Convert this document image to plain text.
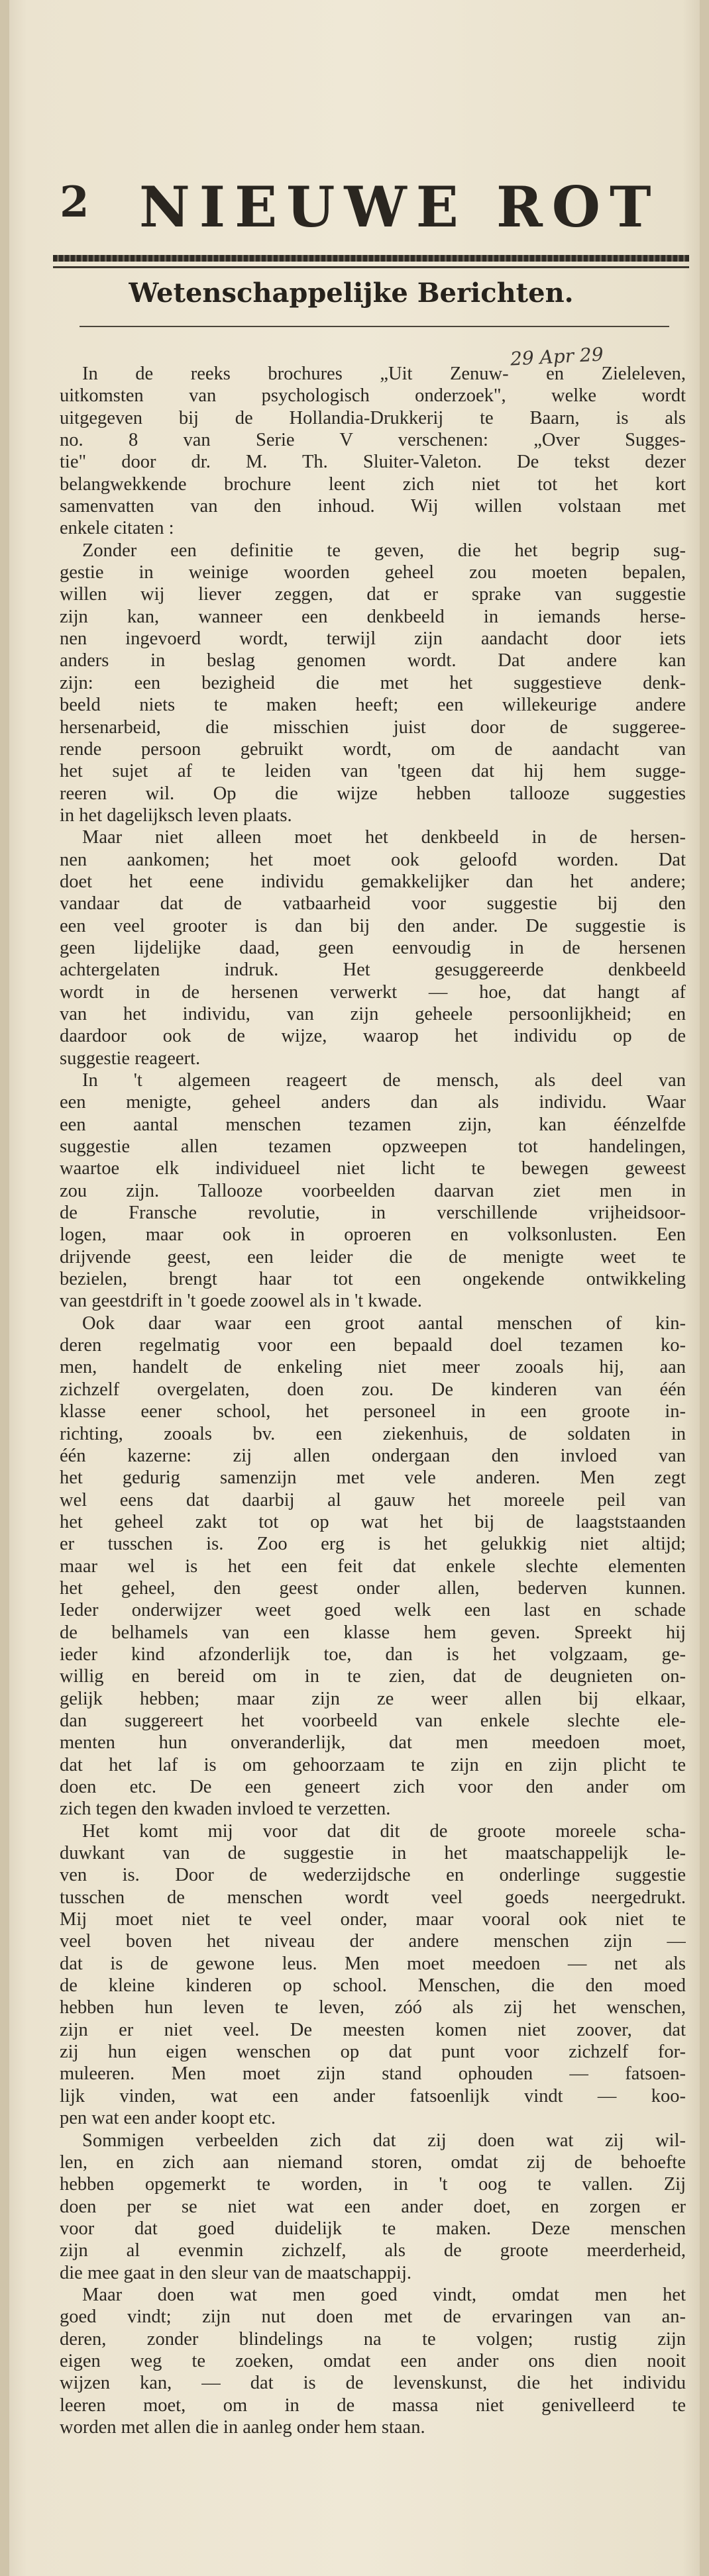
2 NIEUWE ROT
Wetenschappelijke Berichten.
29 Apr 29
In de reeks brochures „Uit Zenuw- en Zieleleven,
uitkomsten van psychologisch onderzoek", welke wordt
uitgegeven bij de Hollandia-Drukkerij te Baarn, is als
no. 8 van Serie V verschenen: „Over Sugges-
tie" door dr. M. Th. Sluiter-Valeton. De tekst dezer
belangwekkende brochure leent zich niet tot het kort
samenvatten van den inhoud. Wij willen volstaan met
enkele citaten :
Zonder een definitie te geven, die het begrip sug-
gestie in weinige woorden geheel zou moeten bepalen,
willen wij liever zeggen, dat er sprake van suggestie
zijn kan, wanneer een denkbeeld in iemands herse-
nen ingevoerd wordt, terwijl zijn aandacht door iets
anders in beslag genomen wordt. Dat andere kan
zijn: een bezigheid die met het suggestieve denk-
beeld niets te maken heeft; een willekeurige andere
hersenarbeid, die misschien juist door de suggeree-
rende persoon gebruikt wordt, om de aandacht van
het sujet af te leiden van 'tgeen dat hij hem sugge-
reeren wil. Op die wijze hebben tallooze suggesties
in het dagelijksch leven plaats.
Maar niet alleen moet het denkbeeld in de hersen-
nen aankomen; het moet ook geloofd worden. Dat
doet het eene individu gemakkelijker dan het andere;
vandaar dat de vatbaarheid voor suggestie bij den
een veel grooter is dan bij den ander. De suggestie is
geen lijdelijke daad, geen eenvoudig in de hersenen
achtergelaten indruk. Het gesuggereerde denkbeeld
wordt in de hersenen verwerkt — hoe, dat hangt af
van het individu, van zijn geheele persoonlijkheid; en
daardoor ook de wijze, waarop het individu op de
suggestie reageert.
In 't algemeen reageert de mensch, als deel van
een menigte, geheel anders dan als individu. Waar
een aantal menschen tezamen zijn, kan éénzelfde
suggestie allen tezamen opzweepen tot handelingen,
waartoe elk individueel niet licht te bewegen geweest
zou zijn. Tallooze voorbeelden daarvan ziet men in
de Fransche revolutie, in verschillende vrijheidsoor-
logen, maar ook in oproeren en volksonlusten. Een
drijvende geest, een leider die de menigte weet te
bezielen, brengt haar tot een ongekende ontwikkeling
van geestdrift in 't goede zoowel als in 't kwade.
Ook daar waar een groot aantal menschen of kin-
deren regelmatig voor een bepaald doel tezamen ko-
men, handelt de enkeling niet meer zooals hij, aan
zichzelf overgelaten, doen zou. De kinderen van één
klasse eener school, het personeel in een groote in-
richting, zooals bv. een ziekenhuis, de soldaten in
één kazerne: zij allen ondergaan den invloed van
het gedurig samenzijn met vele anderen. Men zegt
wel eens dat daarbij al gauw het moreele peil van
het geheel zakt tot op wat het bij de laagststaanden
er tusschen is. Zoo erg is het gelukkig niet altijd;
maar wel is het een feit dat enkele slechte elementen
het geheel, den geest onder allen, bederven kunnen.
Ieder onderwijzer weet goed welk een last en schade
de belhamels van een klasse hem geven. Spreekt hij
ieder kind afzonderlijk toe, dan is het volgzaam, ge-
willig en bereid om in te zien, dat de deugnieten on-
gelijk hebben; maar zijn ze weer allen bij elkaar,
dan suggereert het voorbeeld van enkele slechte ele-
menten hun onveranderlijk, dat men meedoen moet,
dat het laf is om gehoorzaam te zijn en zijn plicht te
doen etc. De een geneert zich voor den ander om
zich tegen den kwaden invloed te verzetten.
Het komt mij voor dat dit de groote moreele scha-
duwkant van de suggestie in het maatschappelijk le-
ven is. Door de wederzijdsche en onderlinge suggestie
tusschen de menschen wordt veel goeds neergedrukt.
Mij moet niet te veel onder, maar vooral ook niet te
veel boven het niveau der andere menschen zijn —
dat is de gewone leus. Men moet meedoen — net als
de kleine kinderen op school. Menschen, die den moed
hebben hun leven te leven, zóó als zij het wenschen,
zijn er niet veel. De meesten komen niet zoover, dat
zij hun eigen wenschen op dat punt voor zichzelf for-
muleeren. Men moet zijn stand ophouden — fatsoen-
lijk vinden, wat een ander fatsoenlijk vindt — koo-
pen wat een ander koopt etc.
Sommigen verbeelden zich dat zij doen wat zij wil-
len, en zich aan niemand storen, omdat zij de behoefte
hebben opgemerkt te worden, in 't oog te vallen. Zij
doen per se niet wat een ander doet, en zorgen er
voor dat goed duidelijk te maken. Deze menschen
zijn al evenmin zichzelf, als de groote meerderheid,
die mee gaat in den sleur van de maatschappij.
Maar doen wat men goed vindt, omdat men het
goed vindt; zijn nut doen met de ervaringen van an-
deren, zonder blindelings na te volgen; rustig zijn
eigen weg te zoeken, omdat een ander ons dien nooit
wijzen kan, — dat is de levenskunst, die het individu
leeren moet, om in de massa niet genivelleerd te
worden met allen die in aanleg onder hem staan.
